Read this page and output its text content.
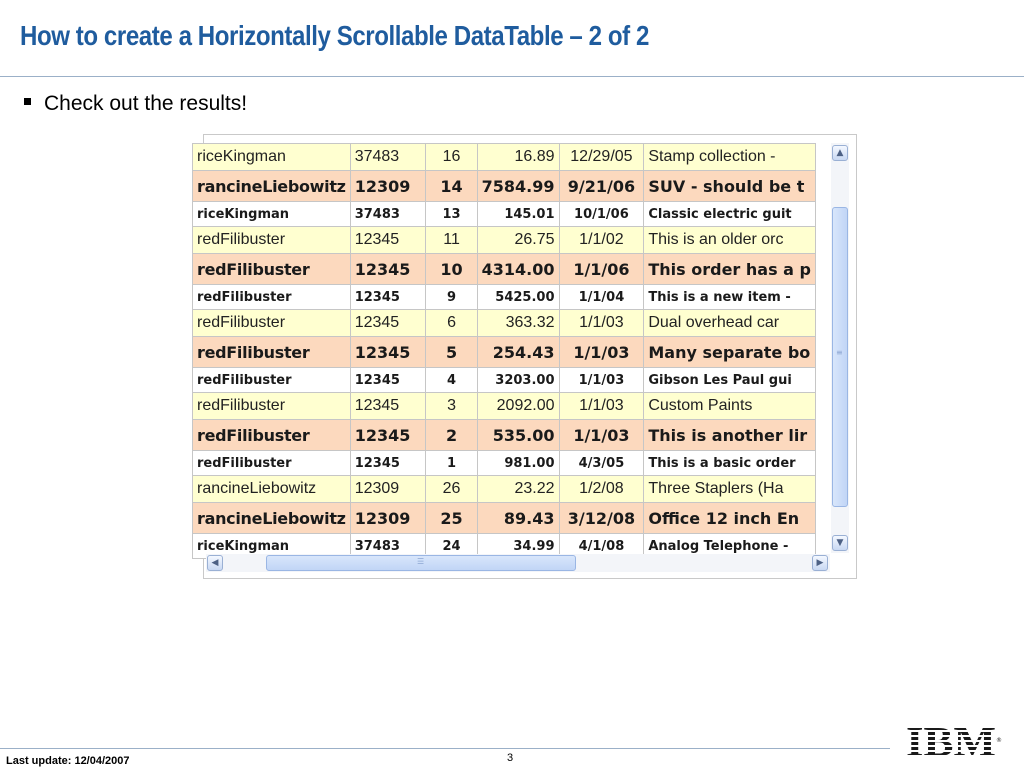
How to create a Horizontally Scrollable DataTable – 2 of 2
Check out the results!
riceKingman	37483	16	16.89	12/29/05	Stamp collection -
rancineLiebowitz	12309	14	7584.99	9/21/06	SUV - should be t
riceKingman	37483	13	145.01	10/1/06	Classic electric guit
redFilibuster	12345	11	26.75	1/1/02	This is an older orc
redFilibuster	12345	10	4314.00	1/1/06	This order has a p
redFilibuster	12345	9	5425.00	1/1/04	This is a new item -
redFilibuster	12345	6	363.32	1/1/03	Dual overhead car
redFilibuster	12345	5	254.43	1/1/03	Many separate bo
redFilibuster	12345	4	3203.00	1/1/03	Gibson Les Paul gui
redFilibuster	12345	3	2092.00	1/1/03	Custom Paints
redFilibuster	12345	2	535.00	1/1/03	This is another lir
redFilibuster	12345	1	981.00	4/3/05	This is a basic order
rancineLiebowitz	12309	26	23.22	1/2/08	Three Staplers (Ha
rancineLiebowitz	12309	25	89.43	3/12/08	Office 12 inch En
riceKingman	37483	24	34.99	4/1/08	Analog Telephone -
▲
≡
▼
◀	☰	▶
Last update: 12/04/2007	3	IBM ®
